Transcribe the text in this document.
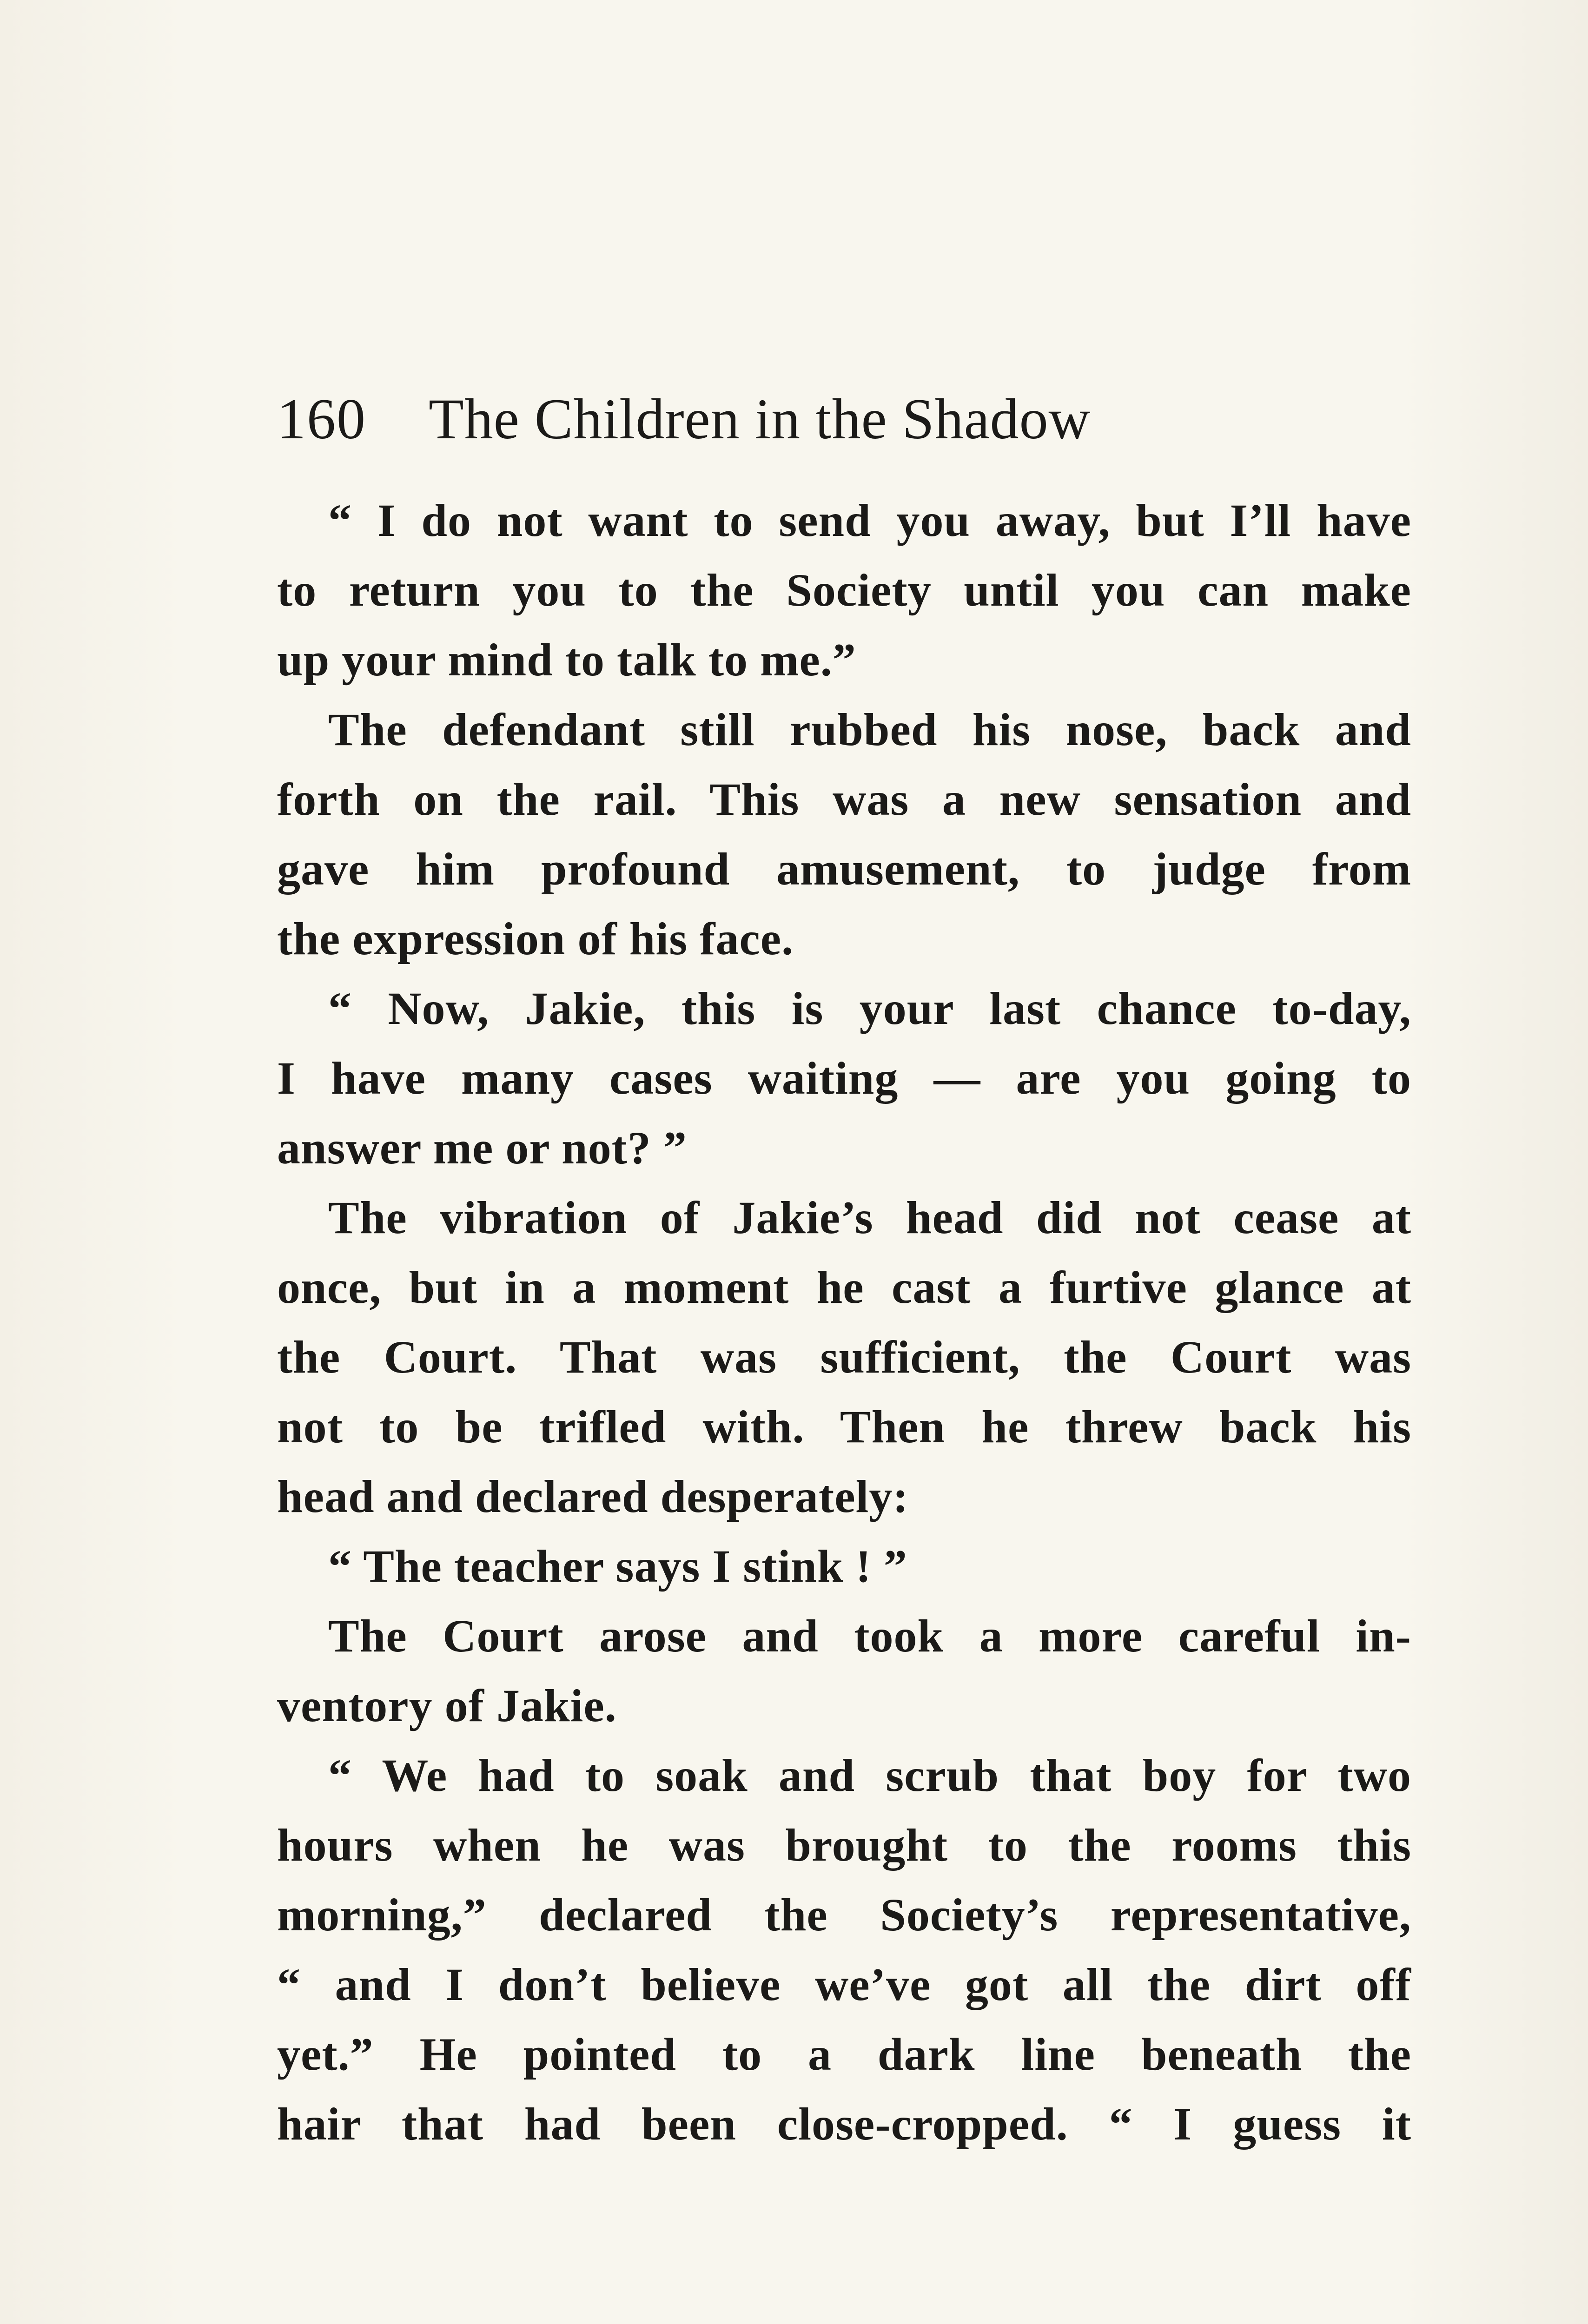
160 The Children in the Shadow
“ I do not want to send you away, but I’ll have
to return you to the Society until you can make
up your mind to talk to me.”
The defendant still rubbed his nose, back and
forth on the rail. This was a new sensation and
gave him profound amusement, to judge from
the expression of his face.
“ Now, Jakie, this is your last chance to-day,
I have many cases waiting — are you going to
answer me or not? ”
The vibration of Jakie’s head did not cease at
once, but in a moment he cast a furtive glance at
the Court. That was sufficient, the Court was
not to be trifled with. Then he threw back his
head and declared desperately:
“ The teacher says I stink ! ”
The Court arose and took a more careful in-
ventory of Jakie.
“ We had to soak and scrub that boy for two
hours when he was brought to the rooms this
morning,” declared the Society’s representative,
“ and I don’t believe we’ve got all the dirt off
yet.” He pointed to a dark line beneath the
hair that had been close-cropped. “ I guess it
